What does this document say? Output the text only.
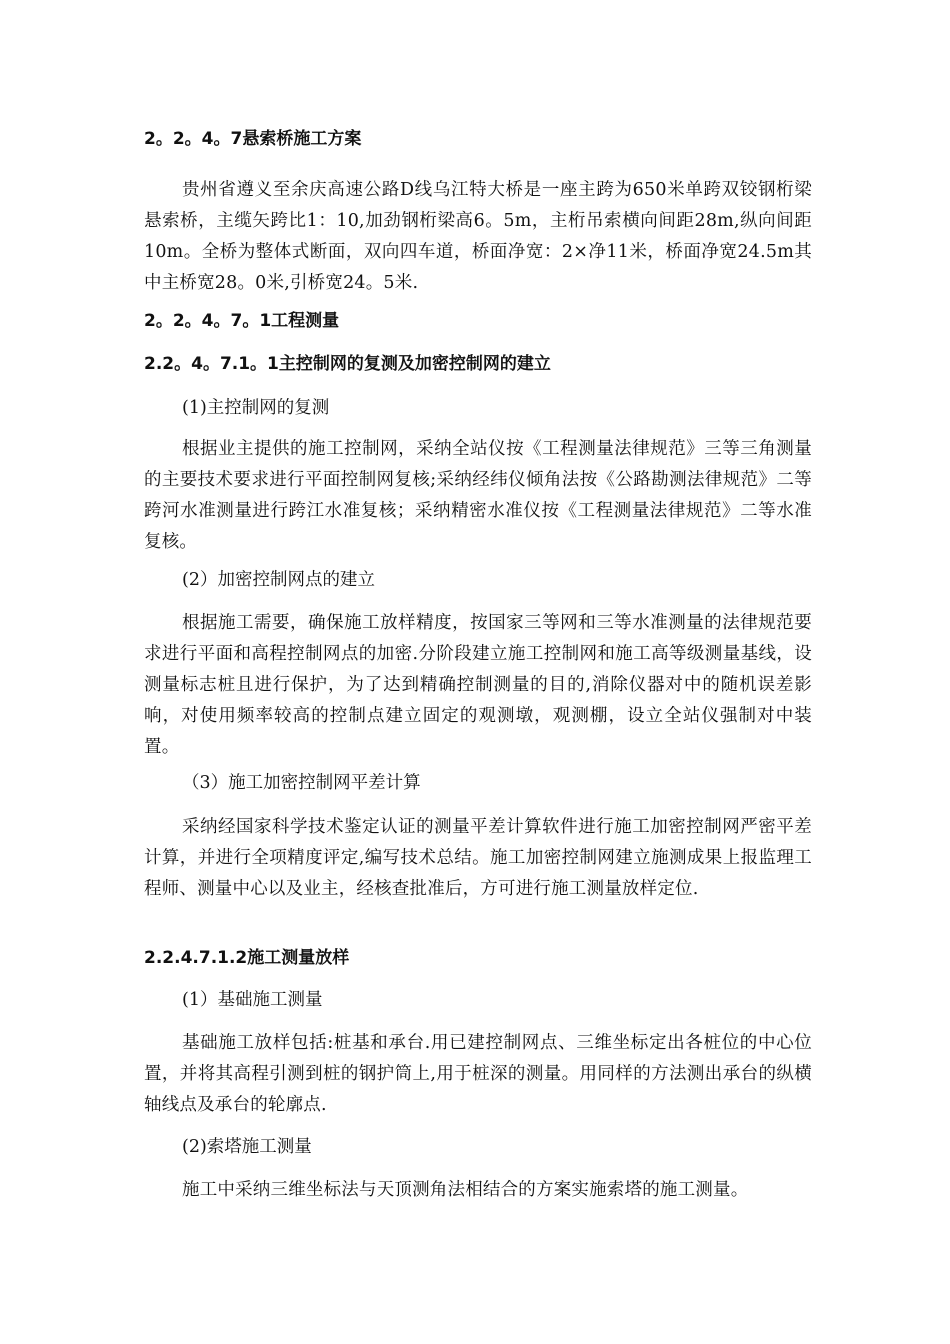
2。2。4。7悬索桥施工方案

贵州省遵义至余庆高速公路D线乌江特大桥是一座主跨为650米单跨双铰钢桁梁悬索桥，主缆矢跨比1：10,加劲钢桁梁高6。5m，主桁吊索横向间距28m,纵向间距10m。全桥为整体式断面，双向四车道，桥面净宽：2×净11米，桥面净宽24.5m其中主桥宽28。0米,引桥宽24。5米.

2。2。4。7。1工程测量
2.2。4。7.1。1主控制网的复测及加密控制网的建立

(1)主控制网的复测

根据业主提供的施工控制网，采纳全站仪按《工程测量法律规范》三等三角测量的主要技术要求进行平面控制网复核;采纳经纬仪倾角法按《公路勘测法律规范》二等跨河水准测量进行跨江水准复核；采纳精密水准仪按《工程测量法律规范》二等水准复核。

(2）加密控制网点的建立

根据施工需要，确保施工放样精度，按国家三等网和三等水准测量的法律规范要求进行平面和高程控制网点的加密.分阶段建立施工控制网和施工高等级测量基线，设测量标志桩且进行保护，为了达到精确控制测量的目的,消除仪器对中的随机误差影响，对使用频率较高的控制点建立固定的观测墩，观测棚，设立全站仪强制对中装置。

（3）施工加密控制网平差计算

采纳经国家科学技术鉴定认证的测量平差计算软件进行施工加密控制网严密平差计算，并进行全项精度评定,编写技术总结。施工加密控制网建立施测成果上报监理工程师、测量中心以及业主，经核查批准后，方可进行施工测量放样定位.

2.2.4.7.1.2施工测量放样

(1）基础施工测量

基础施工放样包括:桩基和承台.用已建控制网点、三维坐标定出各桩位的中心位置，并将其高程引测到桩的钢护筒上,用于桩深的测量。用同样的方法测出承台的纵横轴线点及承台的轮廓点.

(2)索塔施工测量

施工中采纳三维坐标法与天顶测角法相结合的方案实施索塔的施工测量。
